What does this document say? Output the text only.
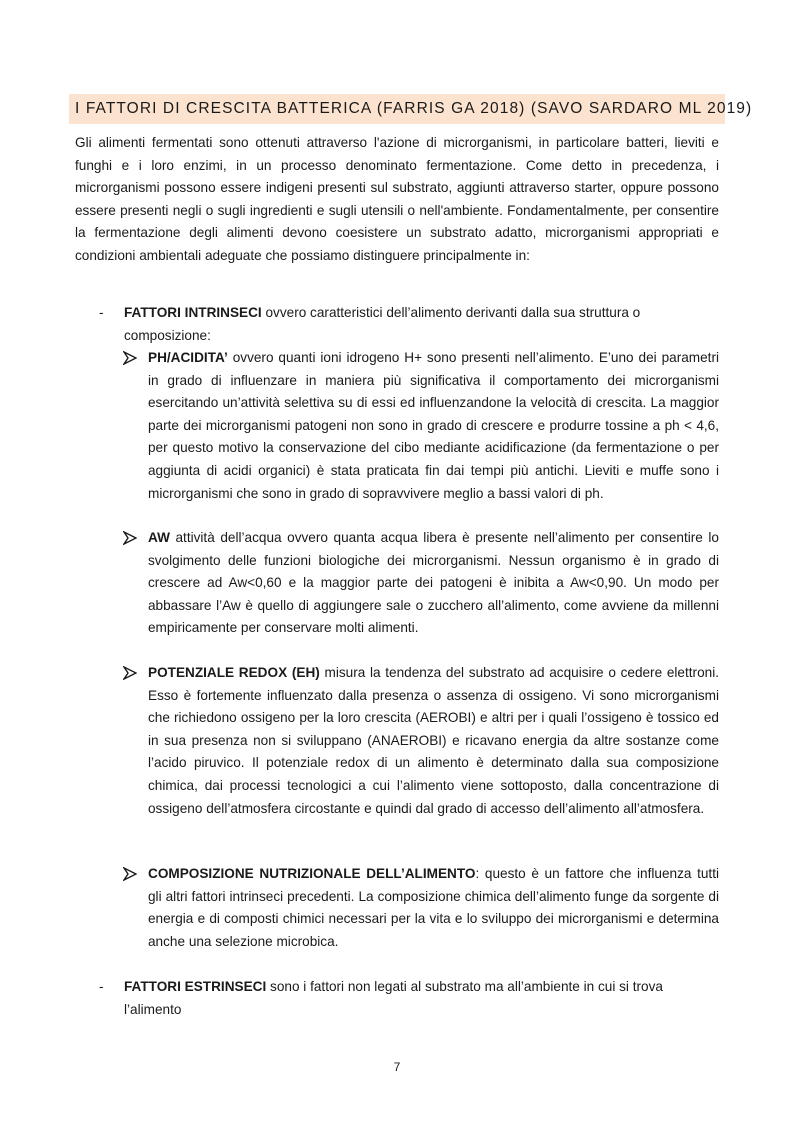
I FATTORI DI CRESCITA BATTERICA (FARRIS GA 2018) (SAVO SARDARO ML 2019)

Gli alimenti fermentati sono ottenuti attraverso l'azione di microrganismi, in particolare batteri, lieviti e funghi e i loro enzimi, in un processo denominato fermentazione. Come detto in precedenza, i microrganismi possono essere indigeni presenti sul substrato, aggiunti attraverso starter, oppure possono essere presenti negli o sugli ingredienti e sugli utensili o nell'ambiente. Fondamentalmente, per consentire la fermentazione degli alimenti devono coesistere un substrato adatto, microrganismi appropriati e condizioni ambientali adeguate che possiamo distinguere principalmente in:

- FATTORI INTRINSECI ovvero caratteristici dell’alimento derivanti dalla sua struttura o composizione:
PH/ACIDITA’ ovvero quanti ioni idrogeno H+ sono presenti nell’alimento. E’uno dei parametri in grado di influenzare in maniera più significativa il comportamento dei microrganismi esercitando un’attività selettiva su di essi ed influenzandone la velocità di crescita. La maggior parte dei microrganismi patogeni non sono in grado di crescere e produrre tossine a ph < 4,6, per questo motivo la conservazione del cibo mediante acidificazione (da fermentazione o per aggiunta di acidi organici) è stata praticata fin dai tempi più antichi. Lieviti e muffe sono i microrganismi che sono in grado di sopravvivere meglio a bassi valori di ph.
AW attività dell’acqua ovvero quanta acqua libera è presente nell’alimento per consentire lo svolgimento delle funzioni biologiche dei microrganismi. Nessun organismo è in grado di crescere ad Aw<0,60 e la maggior parte dei patogeni è inibita a Aw<0,90. Un modo per abbassare l’Aw è quello di aggiungere sale o zucchero all’alimento, come avviene da millenni empiricamente per conservare molti alimenti.
POTENZIALE REDOX (EH) misura la tendenza del substrato ad acquisire o cedere elettroni. Esso è fortemente influenzato dalla presenza o assenza di ossigeno. Vi sono microrganismi che richiedono ossigeno per la loro crescita (AEROBI) e altri per i quali l’ossigeno è tossico ed in sua presenza non si sviluppano (ANAEROBI) e ricavano energia da altre sostanze come l’acido piruvico. Il potenziale redox di un alimento è determinato dalla sua composizione chimica, dai processi tecnologici a cui l’alimento viene sottoposto, dalla concentrazione di ossigeno dell’atmosfera circostante e quindi dal grado di accesso dell’alimento all’atmosfera.
COMPOSIZIONE NUTRIZIONALE DELL’ALIMENTO: questo è un fattore che influenza tutti gli altri fattori intrinseci precedenti. La composizione chimica dell’alimento funge da sorgente di energia e di composti chimici necessari per la vita e lo sviluppo dei microrganismi e determina anche una selezione microbica.
- FATTORI ESTRINSECI sono i fattori non legati al substrato ma all’ambiente in cui si trova l’alimento
7
